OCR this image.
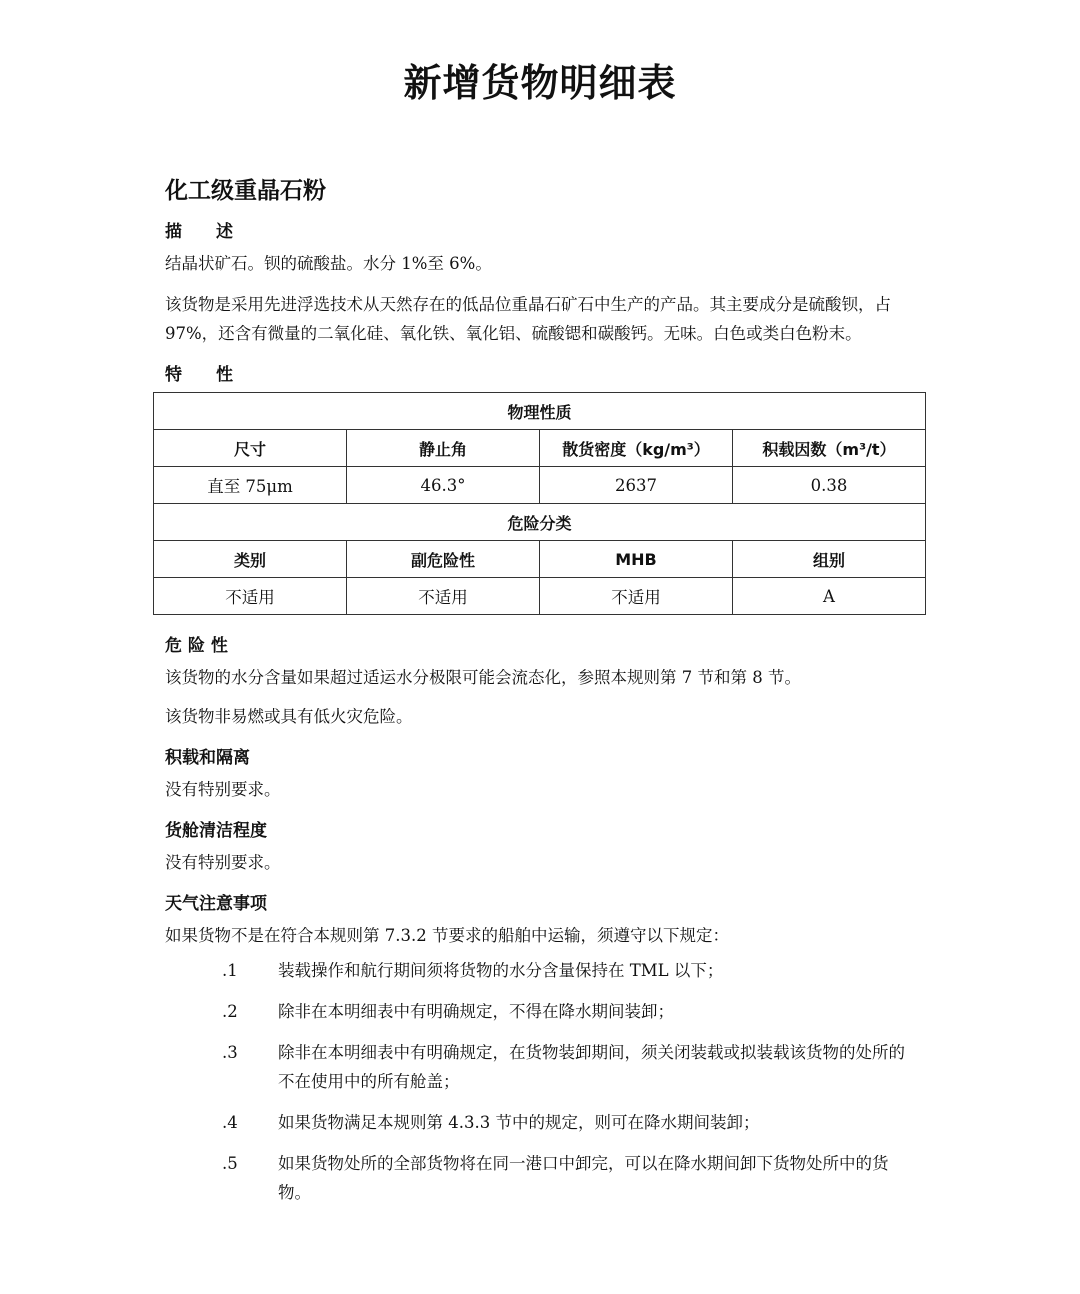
新增货物明细表
化工级重晶石粉
描　　述

结晶状矿石。钡的硫酸盐。水分 1%至 6%。

该货物是采用先进浮选技术从天然存在的低品位重晶石矿石中生产的产品。其主要成分是硫酸钡，占 97%，还含有微量的二氧化硅、氧化铁、氧化铝、硫酸锶和碳酸钙。无味。白色或类白色粉末。

特　　性
物理性质			
尺寸	静止角	散货密度（kg/m³）	积载因数（m³/t）
直至 75μm	46.3°	2637	0.38
危险分类			
类别	副危险性	MHB	组别
不适用	不适用	不适用	A
危 险 性

该货物的水分含量如果超过适运水分极限可能会流态化，参照本规则第 7 节和第 8 节。

该货物非易燃或具有低火灾危险。

积载和隔离

没有特别要求。

货舱清洁程度

没有特别要求。

天气注意事项

如果货物不是在符合本规则第 7.3.2 节要求的船舶中运输，须遵守以下规定：

.1	装载操作和航行期间须将货物的水分含量保持在 TML 以下；
.2	除非在本明细表中有明确规定，不得在降水期间装卸；
.3	除非在本明细表中有明确规定，在货物装卸期间，须关闭装载或拟装载该货物的处所的不在使用中的所有舱盖；
.4	如果货物满足本规则第 4.3.3 节中的规定，则可在降水期间装卸；
.5	如果货物处所的全部货物将在同一港口中卸完，可以在降水期间卸下货物处所中的货物。
